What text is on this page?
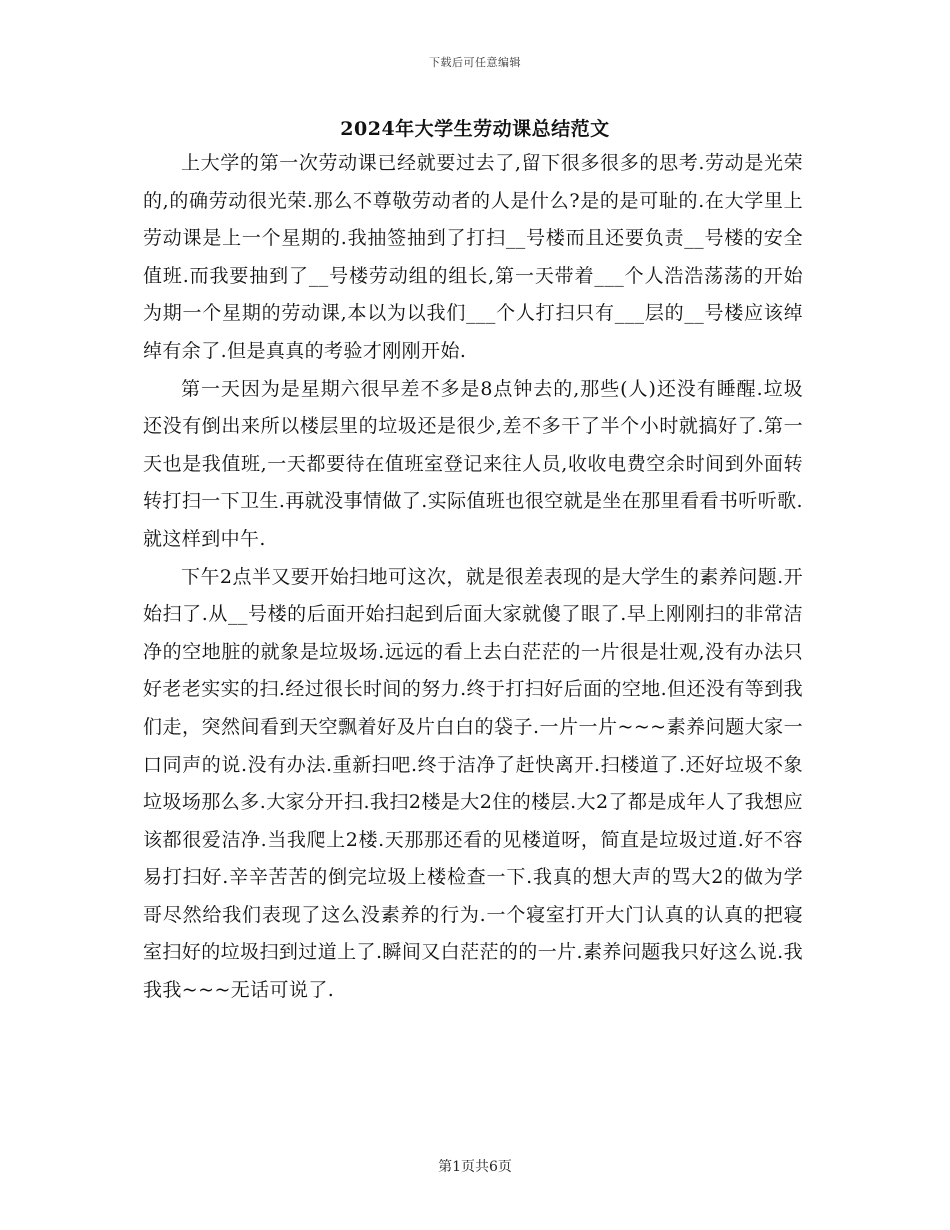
下载后可任意编辑
2024年大学生劳动课总结范文

上大学的第一次劳动课已经就要过去了,留下很多很多的思考.劳动是光荣的,的确劳动很光荣.那么不尊敬劳动者的人是什么?是的是可耻的.在大学里上劳动课是上一个星期的.我抽签抽到了打扫__号楼而且还要负责__号楼的安全值班.而我要抽到了__号楼劳动组的组长,第一天带着___个人浩浩荡荡的开始为期一个星期的劳动课,本以为以我们___个人打扫只有___层的__号楼应该绰绰有余了.但是真真的考验才刚刚开始.

第一天因为是星期六很早差不多是8点钟去的,那些(人)还没有睡醒.垃圾还没有倒出来所以楼层里的垃圾还是很少,差不多干了半个小时就搞好了.第一天也是我值班,一天都要待在值班室登记来往人员,收收电费空余时间到外面转转打扫一下卫生.再就没事情做了.实际值班也很空就是坐在那里看看书听听歌.就这样到中午.

下午2点半又要开始扫地可这次，就是很差表现的是大学生的素养问题.开始扫了.从__号楼的后面开始扫起到后面大家就傻了眼了.早上刚刚扫的非常洁净的空地脏的就象是垃圾场.远远的看上去白茫茫的一片很是壮观,没有办法只好老老实实的扫.经过很长时间的努力.终于打扫好后面的空地.但还没有等到我们走，突然间看到天空飘着好及片白白的袋子.一片一片~~~素养问题大家一口同声的说.没有办法.重新扫吧.终于洁净了赶快离开.扫楼道了.还好垃圾不象垃圾场那么多.大家分开扫.我扫2楼是大2住的楼层.大2了都是成年人了我想应该都很爱洁净.当我爬上2楼.天那那还看的见楼道呀，简直是垃圾过道.好不容易打扫好.辛辛苦苦的倒完垃圾上楼检查一下.我真的想大声的骂大2的做为学哥尽然给我们表现了这么没素养的行为.一个寝室打开大门认真的认真的把寝室扫好的垃圾扫到过道上了.瞬间又白茫茫的的一片.素养问题我只好这么说.我我我~~~无话可说了.

第1页共6页
